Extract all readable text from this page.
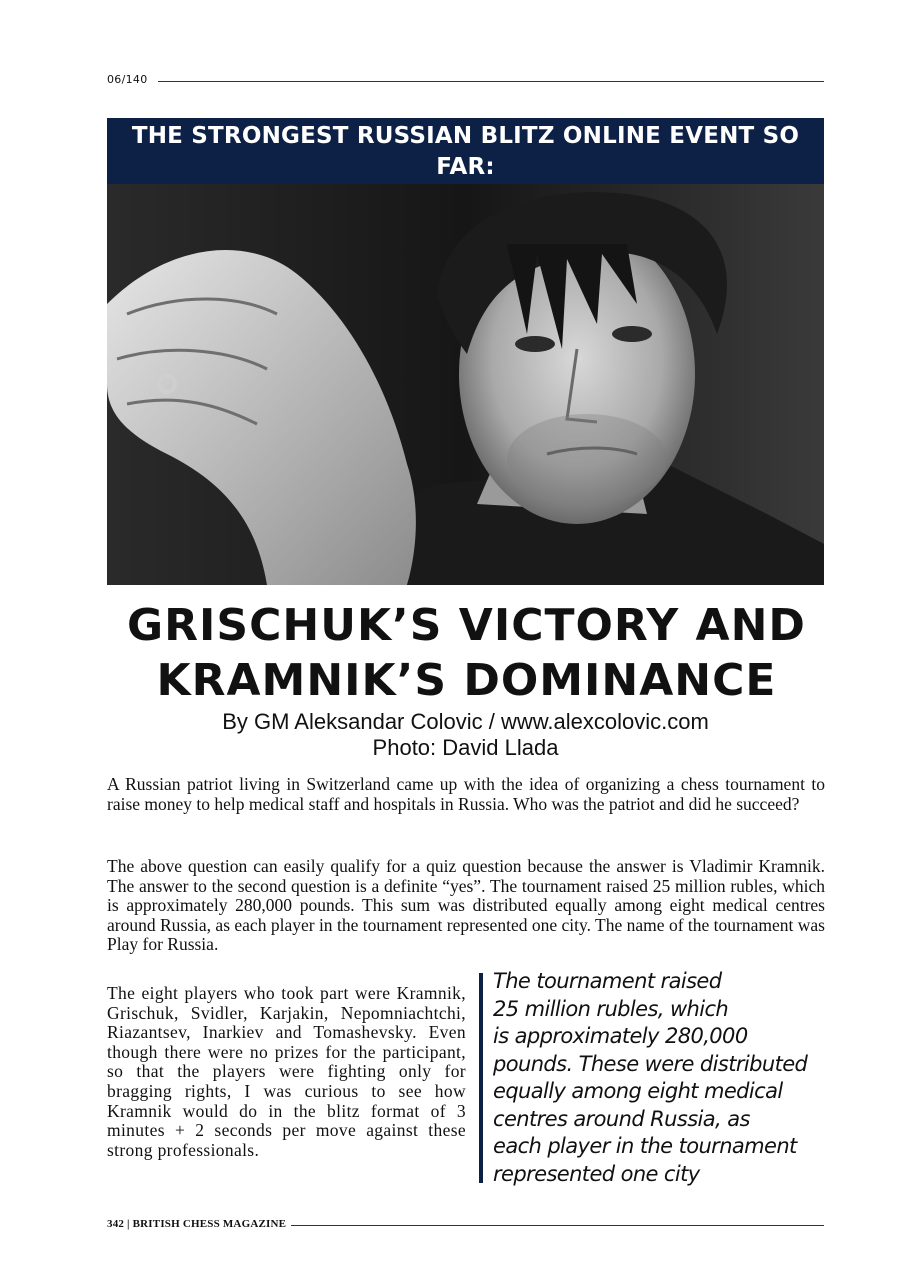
06/140
THE STRONGEST RUSSIAN BLITZ ONLINE EVENT SO FAR:
GRISCHUK’S VICTORY AND
KRAMNIK’S DOMINANCE
By GM Aleksandar Colovic / www.alexcolovic.com
Photo: David Llada

A Russian patriot living in Switzerland came up with the idea of organizing a chess tournament to raise money to help medical staff and hospitals in Russia. Who was the patriot and did he succeed?

The above question can easily qualify for a quiz question because the answer is Vladimir Kramnik. The answer to the second question is a definite “yes”. The tournament raised 25 million rubles, which is approximately 280,000 pounds. This sum was distributed equally among eight medical centres around Russia, as each player in the tournament represented one city. The name of the tournament was Play for Russia.

The eight players who took part were Kramnik, Grischuk, Svidler, Karjakin, Nepomniachtchi, Riazantsev, Inarkiev and Tomashevsky. Even though there were no prizes for the participant, so that the players were fighting only for bragging rights, I was curious to see how Kramnik would do in the blitz format of 3 minutes + 2 seconds per move against these strong professionals.

The tournament raised
25 million rubles, which
is approximately 280,000
pounds. These were distributed
equally among eight medical
centres around Russia, as
each player in the tournament
represented one city
342 | BRITISH CHESS MAGAZINE
